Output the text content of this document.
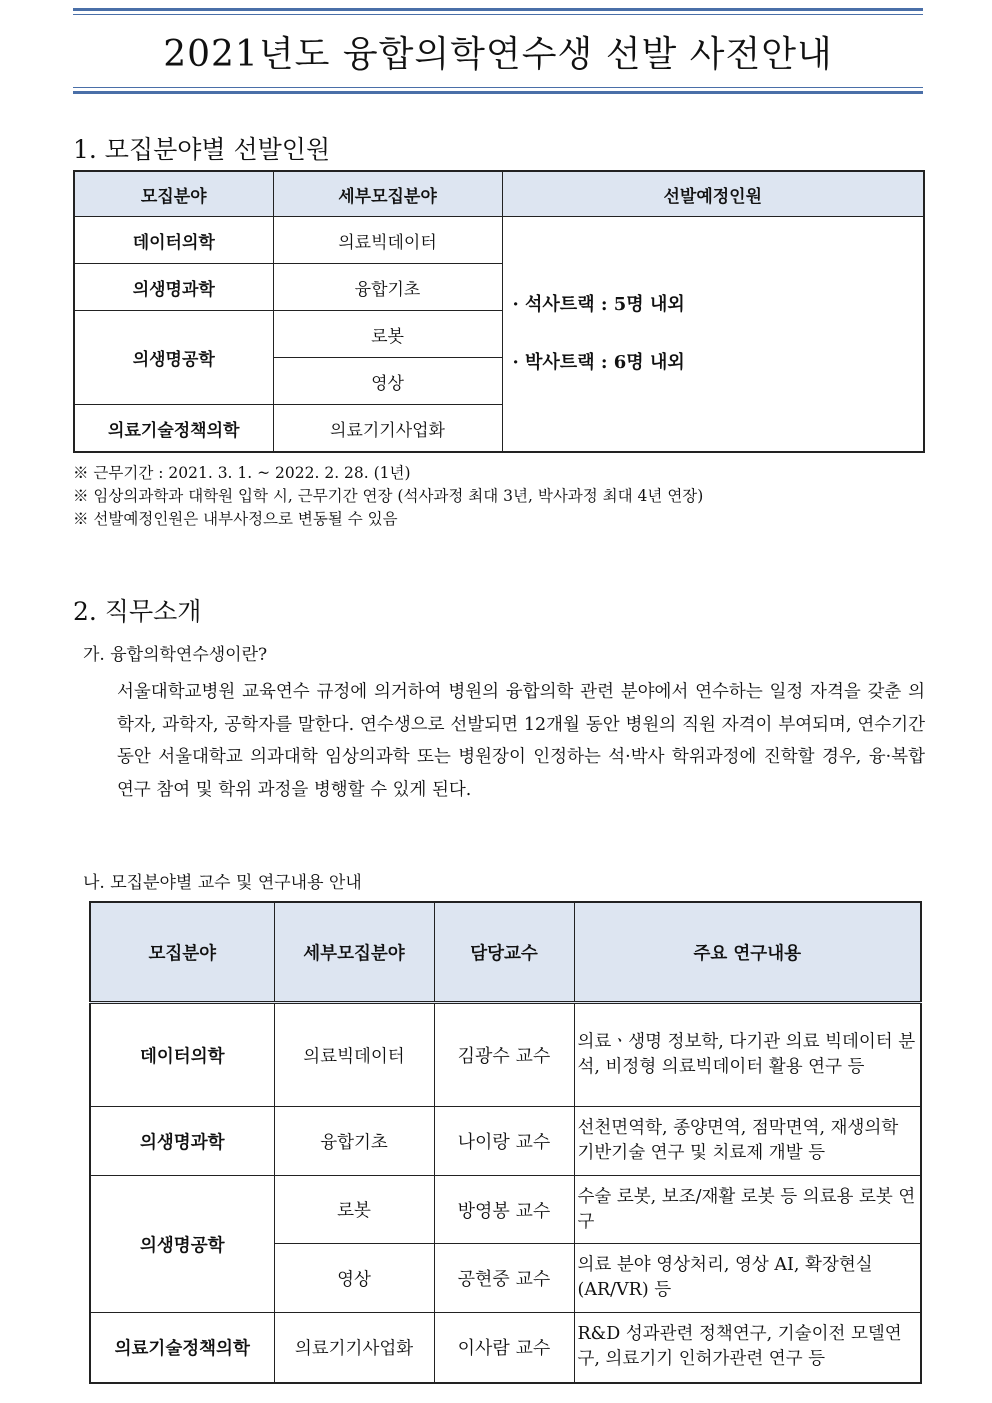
2021년도 융합의학연수생 선발 사전안내
1. 모집분야별 선발인원
모집분야	세부모집분야	선발예정인원
데이터의학	의료빅데이터	· 석사트랙 : 5명 내외
· 박사트랙 : 6명 내외

의생명과학	융합기초	
의생명공학	로봇	
	영상	
의료기술정책의학	의료기기사업화	
※ 근무기간 : 2021. 3. 1. ~ 2022. 2. 28. (1년)
※ 임상의과학과 대학원 입학 시, 근무기간 연장 (석사과정 최대 3년, 박사과정 최대 4년 연장)
※ 선발예정인원은 내부사정으로 변동될 수 있음
2. 직무소개
가. 융합의학연수생이란?

서울대학교병원 교육연수 규정에 의거하여 병원의 융합의학 관련 분야에서 연수하는 일정 자격을 갖춘 의학자, 과학자, 공학자를 말한다. 연수생으로 선발되면 12개월 동안 병원의 직원 자격이 부여되며, 연수기간 동안 서울대학교 의과대학 임상의과학 또는 병원장이 인정하는 석·박사 학위과정에 진학할 경우, 융·복합 연구 참여 및 학위 과정을 병행할 수 있게 된다.

나. 모집분야별 교수 및 연구내용 안내
모집분야	세부모집분야	담당교수	주요 연구내용
데이터의학	의료빅데이터	김광수 교수	의료ㆍ생명 정보학, 다기관 의료 빅데이터 분석, 비정형 의료빅데이터 활용 연구 등
의생명과학	융합기초	나이랑 교수	선천면역학, 종양면역, 점막면역, 재생의학 기반기술 연구 및 치료제 개발 등
의생명공학	로봇	방영봉 교수	수술 로봇, 보조/재활 로봇 등 의료용 로봇 연구
	영상	공현중 교수	의료 분야 영상처리, 영상 AI, 확장현실(AR/VR) 등
의료기술정책의학	의료기기사업화	이사람 교수	R&D 성과관련 정책연구, 기술이전 모델연구, 의료기기 인허가관련 연구 등
